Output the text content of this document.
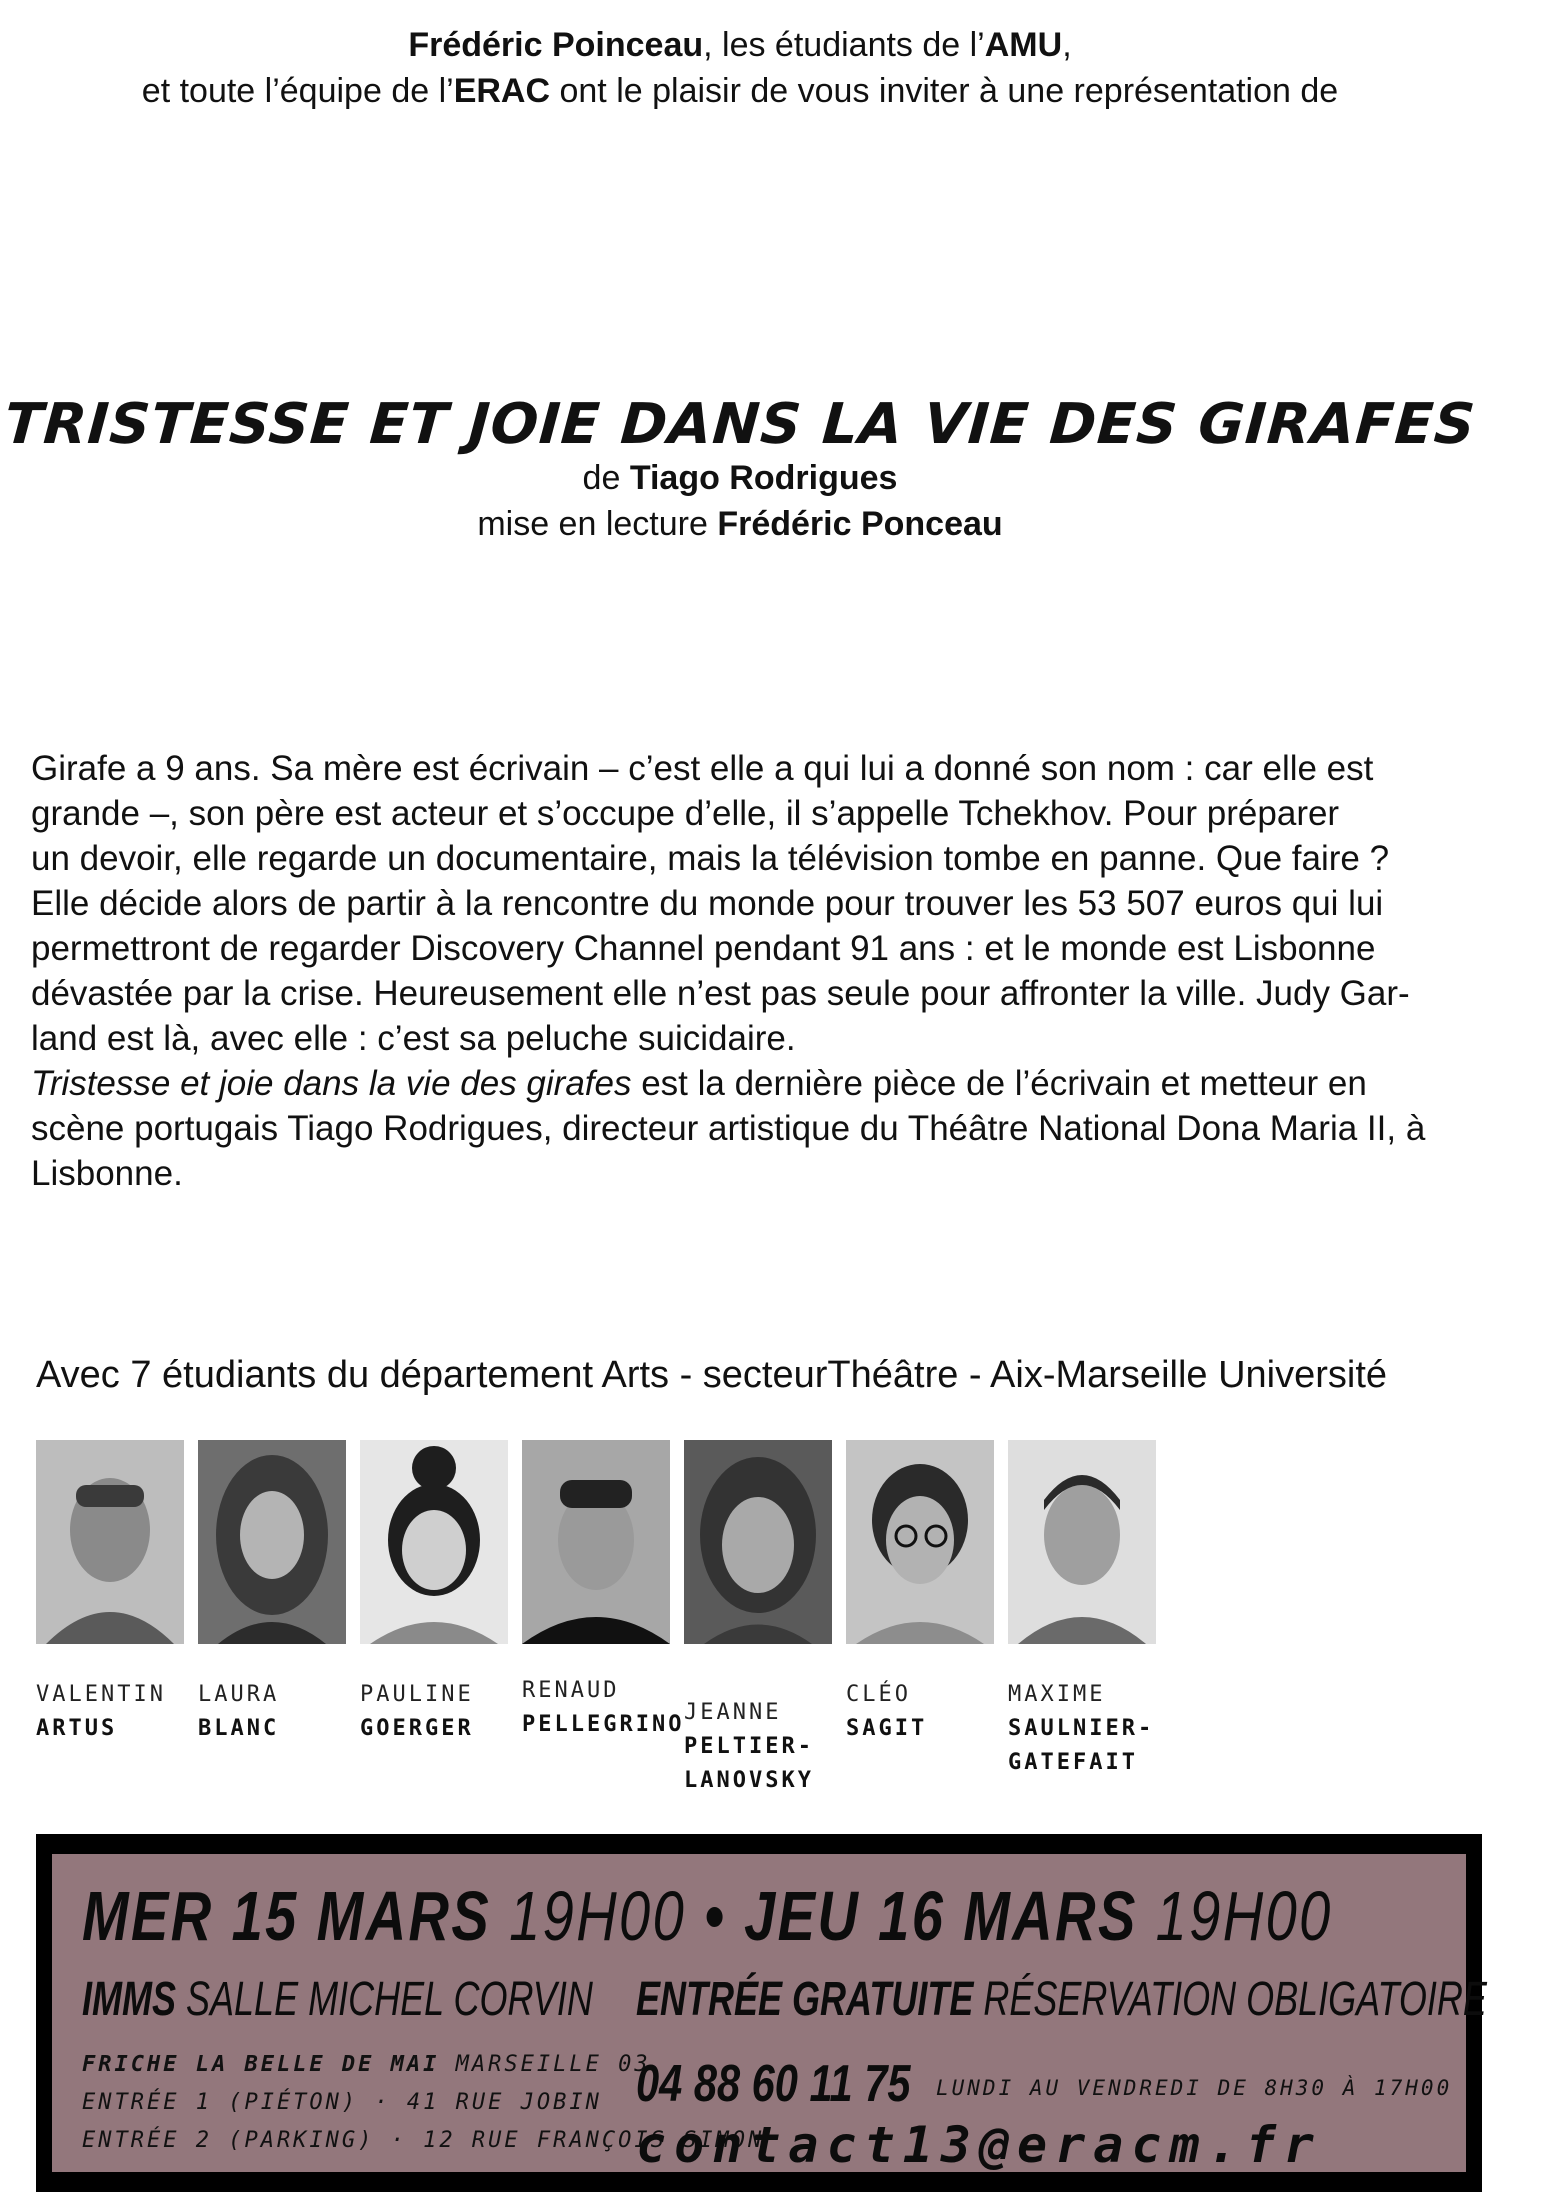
Frédéric Poinceau, les étudiants de l’AMU,
et toute l’équipe de l’ERAC ont le plaisir de vous inviter à une représentation de
TRISTESSE ET JOIE DANS LA VIE DES GIRAFES
de Tiago Rodrigues
mise en lecture Frédéric Ponceau

Girafe a 9 ans. Sa mère est écrivain – c’est elle a qui lui a donné son nom : car elle est

grande –, son père est acteur et s’occupe d’elle, il s’appelle Tchekhov. Pour préparer

un devoir, elle regarde un documentaire, mais la télévision tombe en panne. Que faire ?

Elle décide alors de partir à la rencontre du monde pour trouver les 53 507 euros qui lui

permettront de regarder Discovery Channel pendant 91 ans : et le monde est Lisbonne

dévastée par la crise. Heureusement elle n’est pas seule pour affronter la ville. Judy Gar-

land est là, avec elle : c’est sa peluche suicidaire.

Tristesse et joie dans la vie des girafes est la dernière pièce de l’écrivain et metteur en

scène portugais Tiago Rodrigues, directeur artistique du Théâtre National Dona Maria II, à

Lisbonne.

Avec 7 étudiants du département Arts - secteurThéâtre - Aix-Marseille Université
VALENTIN
ARTUS
LAURA
BLANC
PAULINE
GOERGER
RENAUD
PELLEGRINO JEANNE
PELTIER-
LANOVSKY
CLÉO
SAGIT
MAXIME
SAULNIER-
GATEFAIT
MER 15 MARS 19H00 • JEU 16 MARS 19H00
IMMS SALLE MICHEL CORVIN ENTRÉE GRATUITE RÉSERVATION OBLIGATOIRE
FRICHE LA BELLE DE MAI MARSEILLE 03
ENTRÉE 1 (PIÉTON) · 41 RUE JOBIN
ENTRÉE 2 (PARKING) · 12 RUE FRANÇOIS SIMON
04 88 60 11 75 LUNDI AU VENDREDI DE 8H30 À 17H00
contact13@eracm.fr
